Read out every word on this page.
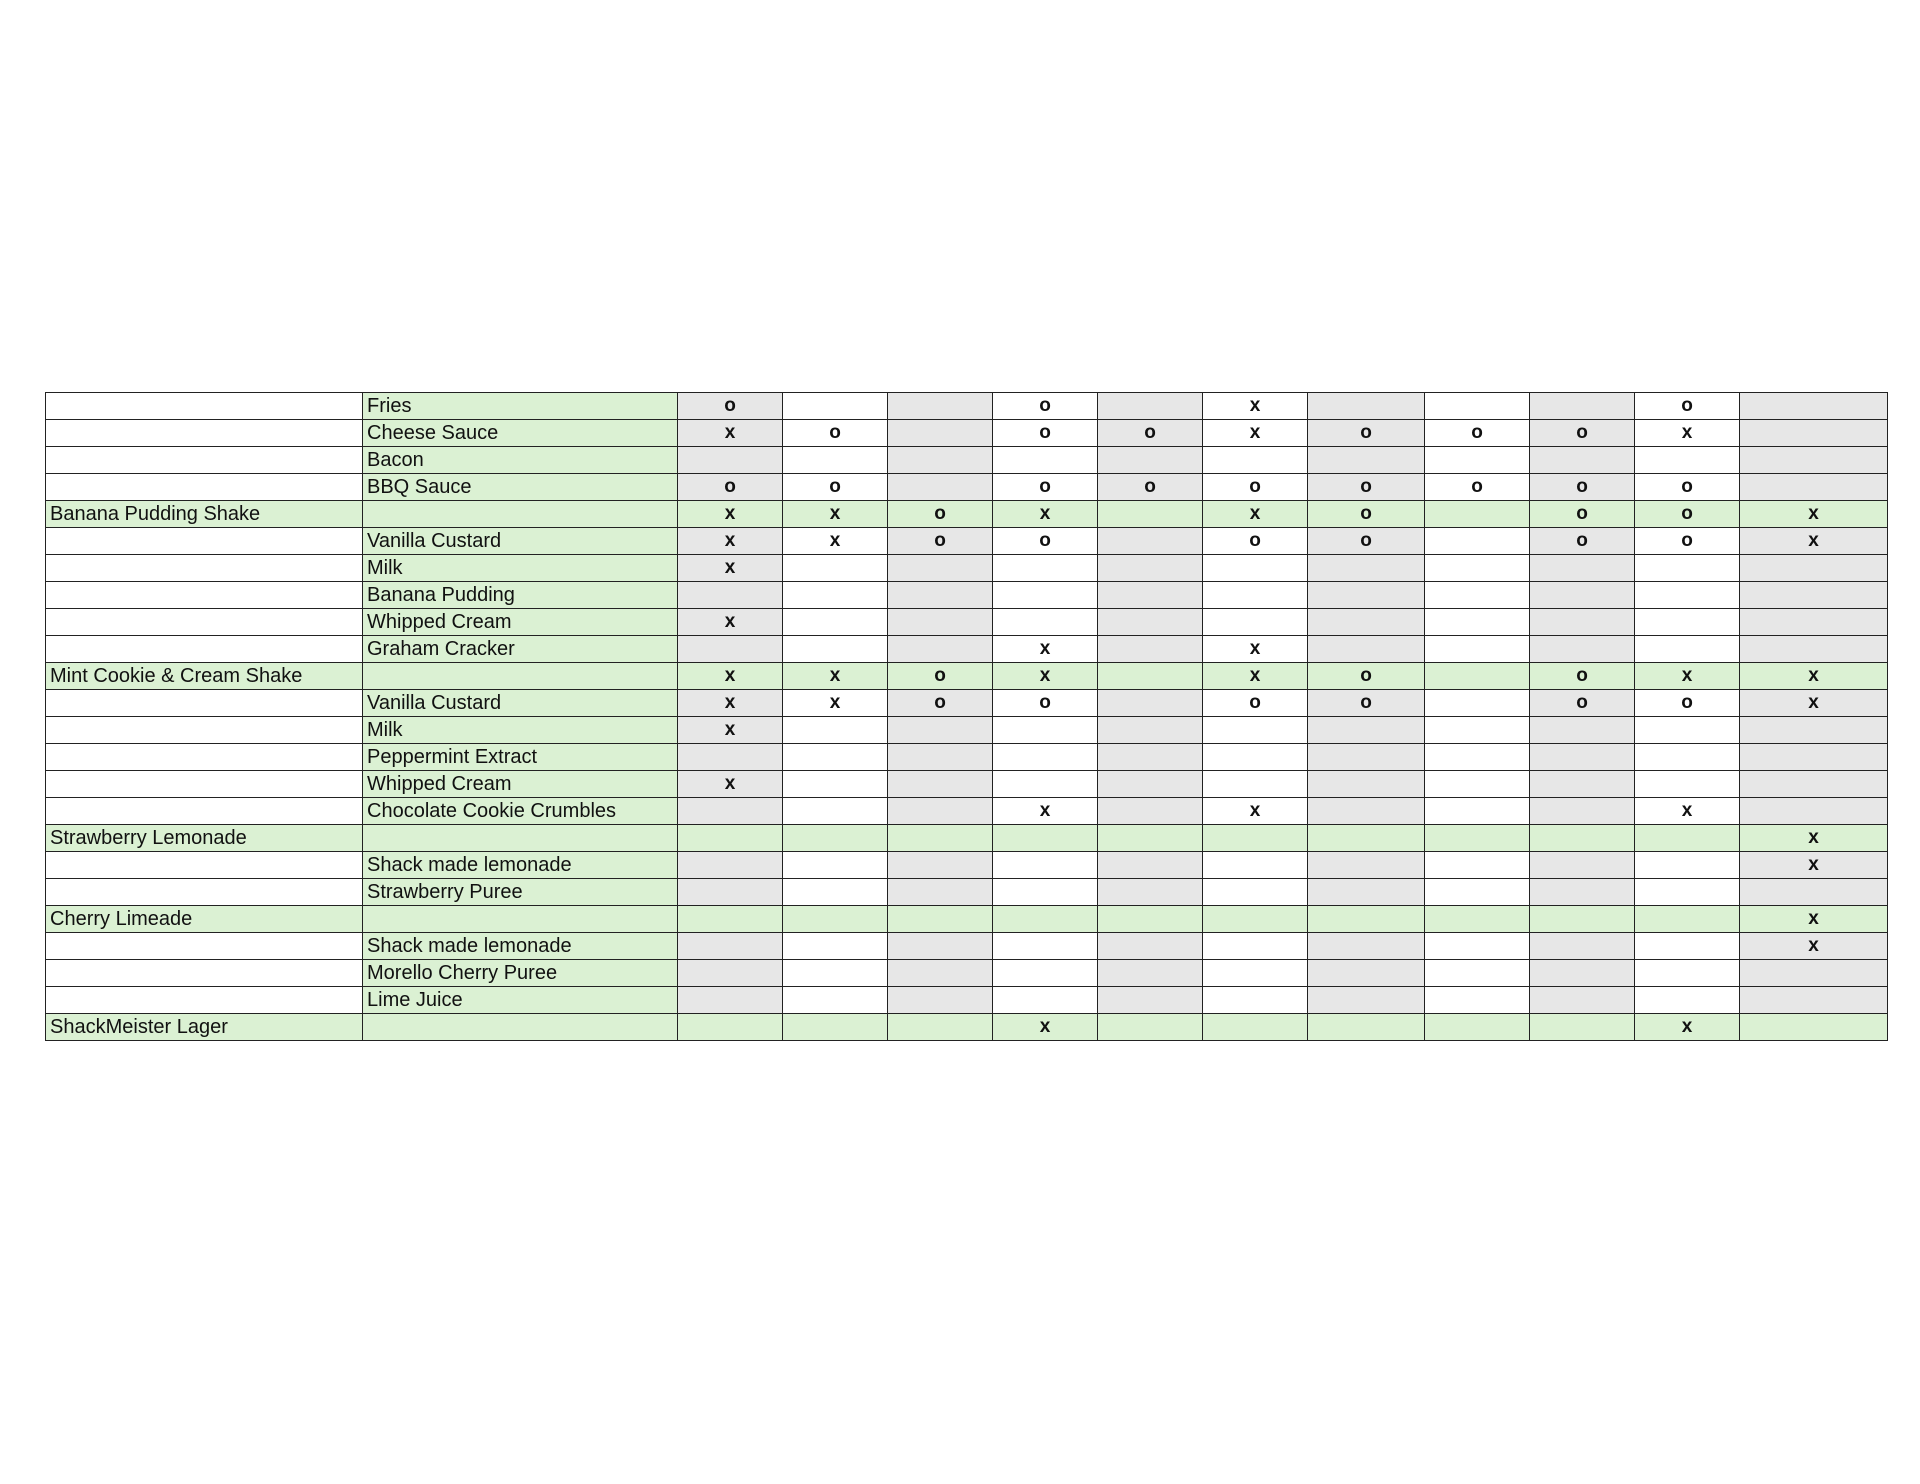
	Fries	o			o		x				o	
	Cheese Sauce	x	o		o	o	x	o	o	o	x	
	Bacon											
	BBQ Sauce	o	o		o	o	o	o	o	o	o	
Banana Pudding Shake		x	x	o	x		x	o		o	o	x
	Vanilla Custard	x	x	o	o		o	o		o	o	x
	Milk	x										
	Banana Pudding											
	Whipped Cream	x										
	Graham Cracker				x		x					
Mint Cookie & Cream Shake		x	x	o	x		x	o		o	x	x
	Vanilla Custard	x	x	o	o		o	o		o	o	x
	Milk	x										
	Peppermint Extract											
	Whipped Cream	x										
	Chocolate Cookie Crumbles				x		x				x	
Strawberry Lemonade												x
	Shack made lemonade											x
	Strawberry Puree											
Cherry Limeade												x
	Shack made lemonade											x
	Morello Cherry Puree											
	Lime Juice											
ShackMeister Lager					x						x	
